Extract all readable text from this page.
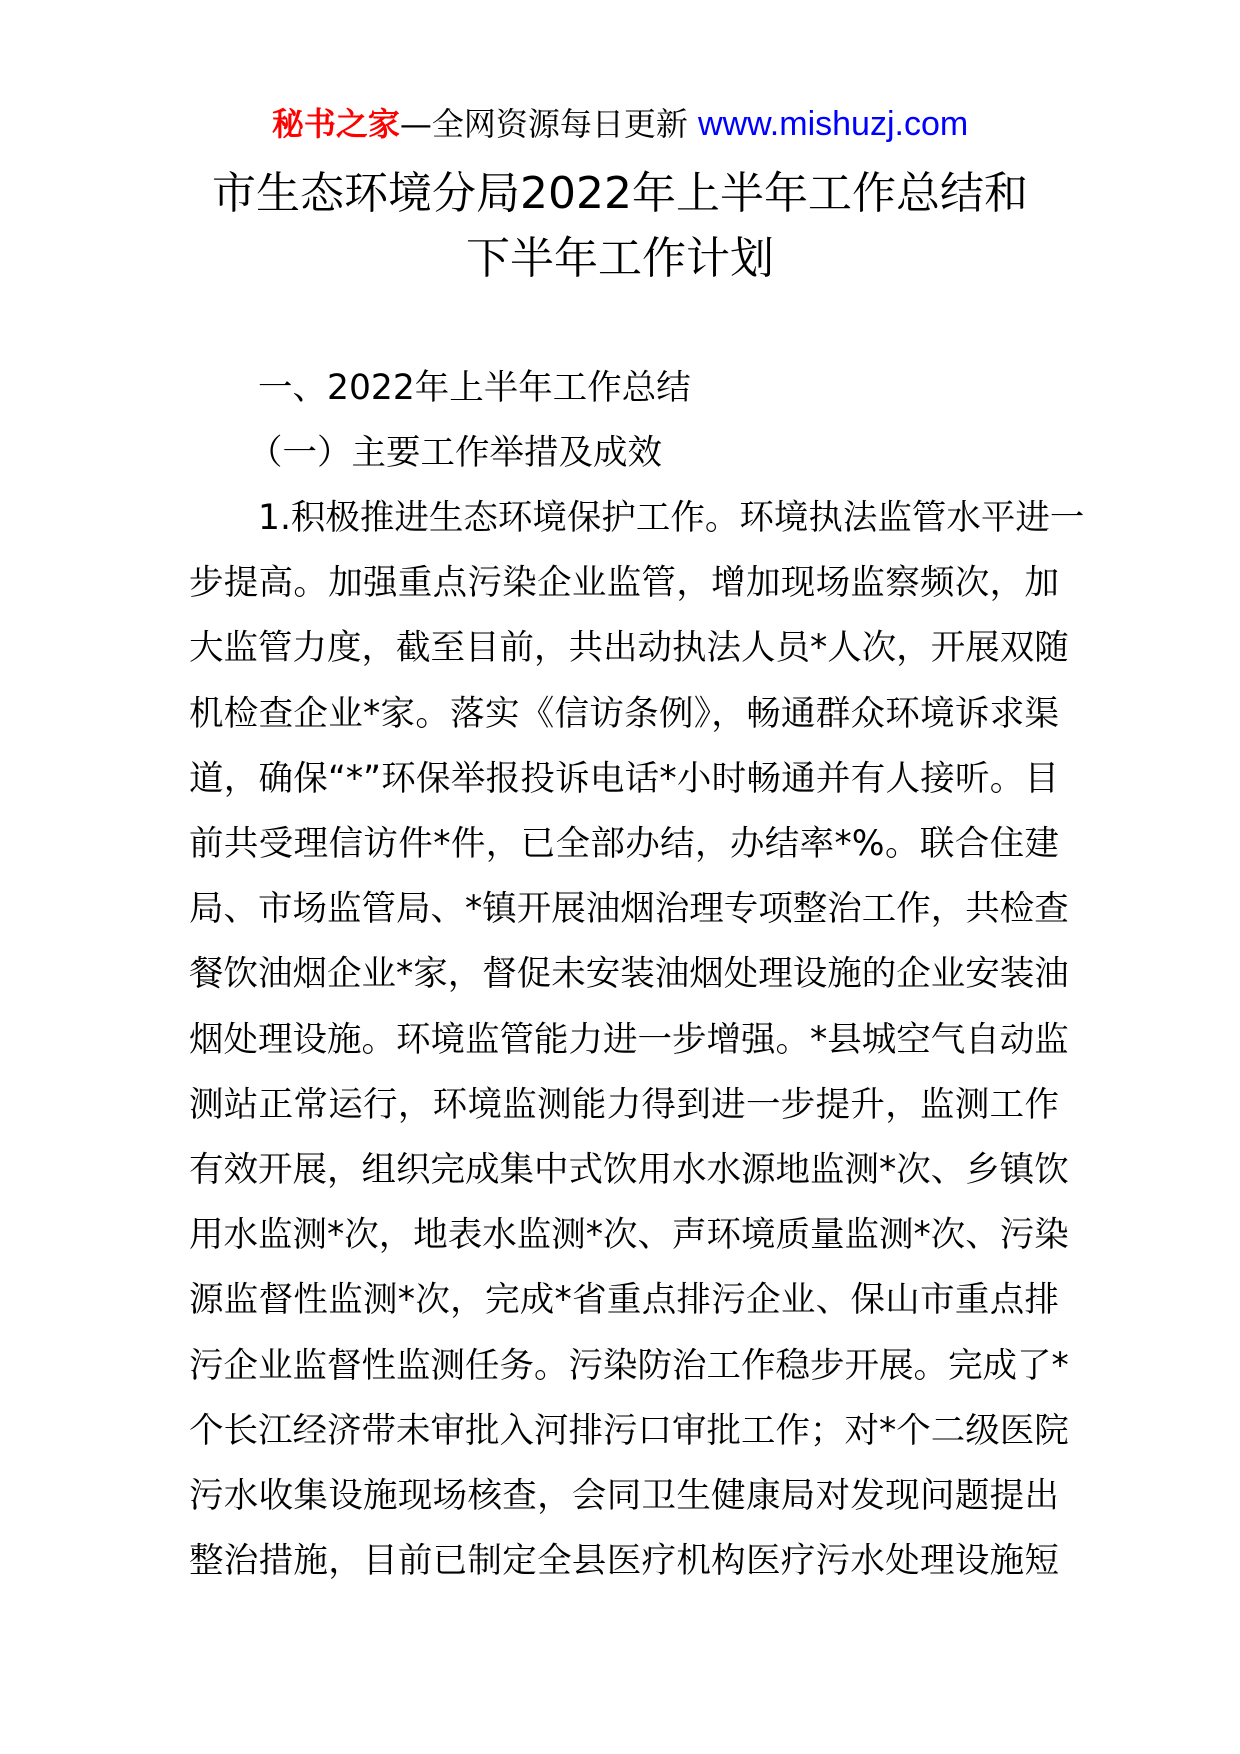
秘书之家—全网资源每日更新 www.mishuzj.com
市生态环境分局2022年上半年工作总结和
下半年工作计划
一、2022年上半年工作总结
（一）主要工作举措及成效
1.积极推进生态环境保护工作。环境执法监管水平进一
步提高。加强重点污染企业监管，增加现场监察频次，加
大监管力度，截至目前，共出动执法人员*人次，开展双随
机检查企业*家。落实《信访条例》，畅通群众环境诉求渠
道，确保“*”环保举报投诉电话*小时畅通并有人接听。目
前共受理信访件*件，已全部办结，办结率*%。联合住建
局、市场监管局、*镇开展油烟治理专项整治工作，共检查
餐饮油烟企业*家，督促未安装油烟处理设施的企业安装油
烟处理设施。环境监管能力进一步增强。*县城空气自动监
测站正常运行，环境监测能力得到进一步提升，监测工作
有效开展，组织完成集中式饮用水水源地监测*次、乡镇饮
用水监测*次，地表水监测*次、声环境质量监测*次、污染
源监督性监测*次，完成*省重点排污企业、保山市重点排
污企业监督性监测任务。污染防治工作稳步开展。完成了*
个长江经济带未审批入河排污口审批工作；对*个二级医院
污水收集设施现场核查，会同卫生健康局对发现问题提出
整治措施，目前已制定全县医疗机构医疗污水处理设施短
